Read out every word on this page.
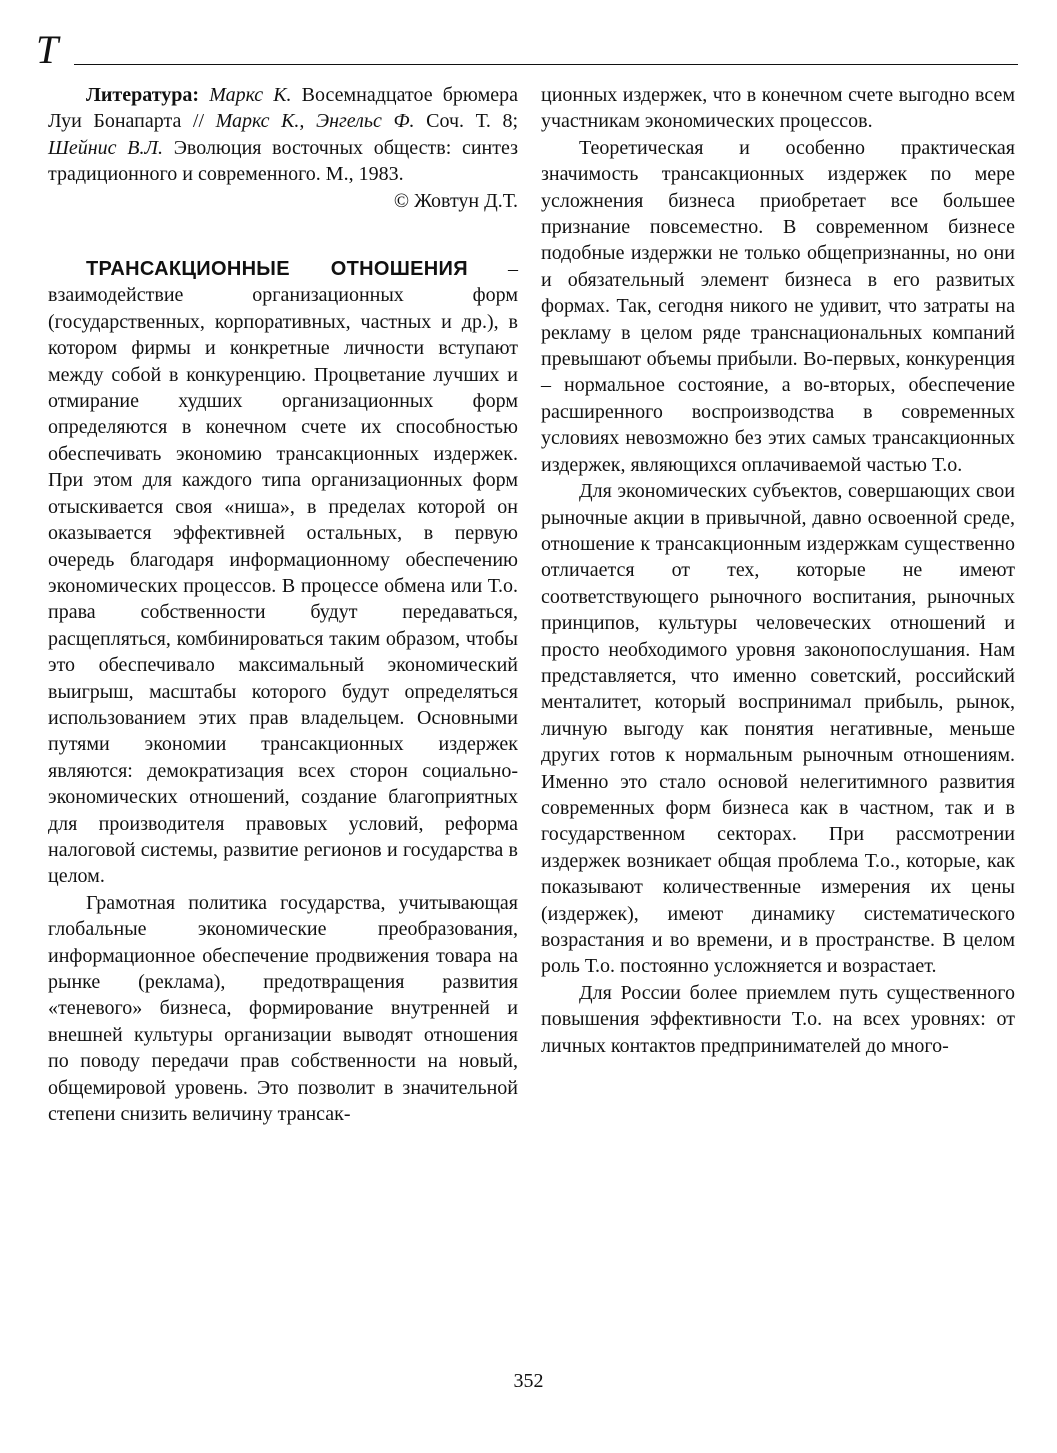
Т

Литература: Маркс К. Восемнадцатое брюмера Луи Бонапарта // Маркс К., Энгельс Ф. Соч. Т. 8; Шейнис В.Л. Эволюция восточных обществ: синтез традиционного и современного. М., 1983.

© Жовтун Д.Т.

ТРАНСАКЦИОННЫЕ ОТНОШЕНИЯ – взаимодействие организационных форм (государственных, корпоративных, частных и др.), в котором фирмы и конкретные личности вступают между собой в конкуренцию. Процветание лучших и отмирание худших организационных форм определяются в конечном счете их способностью обеспечивать экономию трансакционных издержек. При этом для каждого типа организационных форм отыскивается своя «ниша», в пределах которой он оказывается эффективней остальных, в первую очередь благодаря информационному обеспечению экономических процессов. В процессе обмена или Т.о. права собственности будут передаваться, расщепляться, комбинироваться таким образом, чтобы это обеспечивало максимальный экономический выигрыш, масштабы которого будут определяться использованием этих прав владельцем. Основными путями экономии трансакционных издержек являются: демократизация всех сторон социально-экономических отношений, создание благоприятных для производителя правовых условий, реформа налоговой системы, развитие регионов и государства в целом.

Грамотная политика государства, учитывающая глобальные экономические преобразования, информационное обеспечение продвижения товара на рынке (реклама), предотвращения развития «теневого» бизнеса, формирование внутренней и внешней культуры организации выводят отношения по поводу передачи прав собственности на новый, общемировой уровень. Это позволит в значительной степени снизить величину трансак-

ционных издержек, что в конечном счете выгодно всем участникам экономических процессов.

Теоретическая и особенно практическая значимость трансакционных издержек по мере усложнения бизнеса приобретает все большее признание повсеместно. В современном бизнесе подобные издержки не только общепризнанны, но они и обязательный элемент бизнеса в его развитых формах. Так, сегодня никого не удивит, что затраты на рекламу в целом ряде транснациональных компаний превышают объемы прибыли. Во-первых, конкуренция – нормальное состояние, а во-вторых, обеспечение расширенного воспроизводства в современных условиях невозможно без этих самых трансакционных издержек, являющихся оплачиваемой частью Т.о.

Для экономических субъектов, совершающих свои рыночные акции в привычной, давно освоенной среде, отношение к трансакционным издержкам существенно отличается от тех, которые не имеют соответствующего рыночного воспитания, рыночных принципов, культуры человеческих отношений и просто необходимого уровня законопослушания. Нам представляется, что именно советский, российский менталитет, который воспринимал прибыль, рынок, личную выгоду как понятия негативные, меньше других готов к нормальным рыночным отношениям. Именно это стало основой нелегитимного развития современных форм бизнеса как в частном, так и в государственном секторах. При рассмотрении издержек возникает общая проблема Т.о., которые, как показывают количественные измерения их цены (издержек), имеют динамику систематического возрастания и во времени, и в пространстве. В целом роль Т.о. постоянно усложняется и возрастает.

Для России более приемлем путь существенного повышения эффективности Т.о. на всех уровнях: от личных контактов предпринимателей до много-

352
